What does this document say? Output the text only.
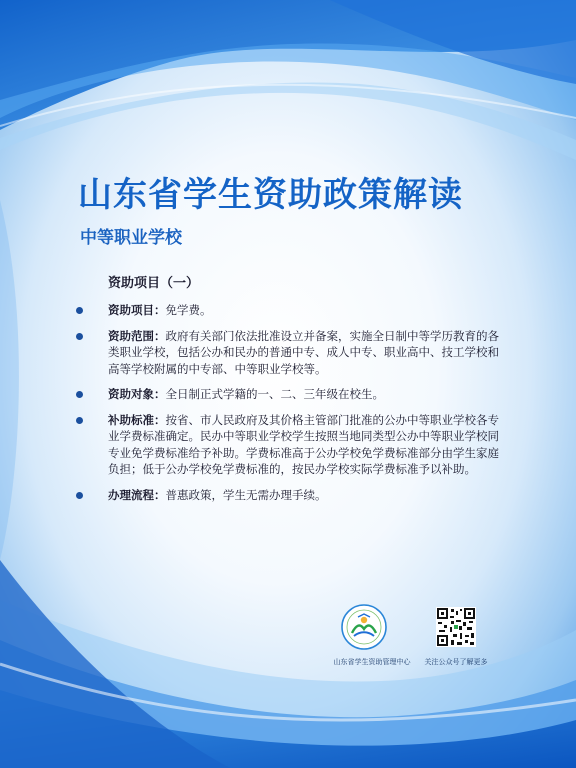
山东省学生资助政策解读
中等职业学校
资助项目（一）
资助项目：免学费。
资助范围：政府有关部门依法批准设立并备案，实施全日制中等学历教育的各类职业学校，包括公办和民办的普通中专、成人中专、职业高中、技工学校和高等学校附属的中专部、中等职业学校等。
资助对象：全日制正式学籍的一、二、三年级在校生。
补助标准：按省、市人民政府及其价格主管部门批准的公办中等职业学校各专业学费标准确定。民办中等职业学校学生按照当地同类型公办中等职业学校同专业免学费标准给予补助。学费标准高于公办学校免学费标准部分由学生家庭负担；低于公办学校免学费标准的，按民办学校实际学费标准予以补助。
办理流程：普惠政策，学生无需办理手续。
山东省学生资助管理中心	关注公众号了解更多
